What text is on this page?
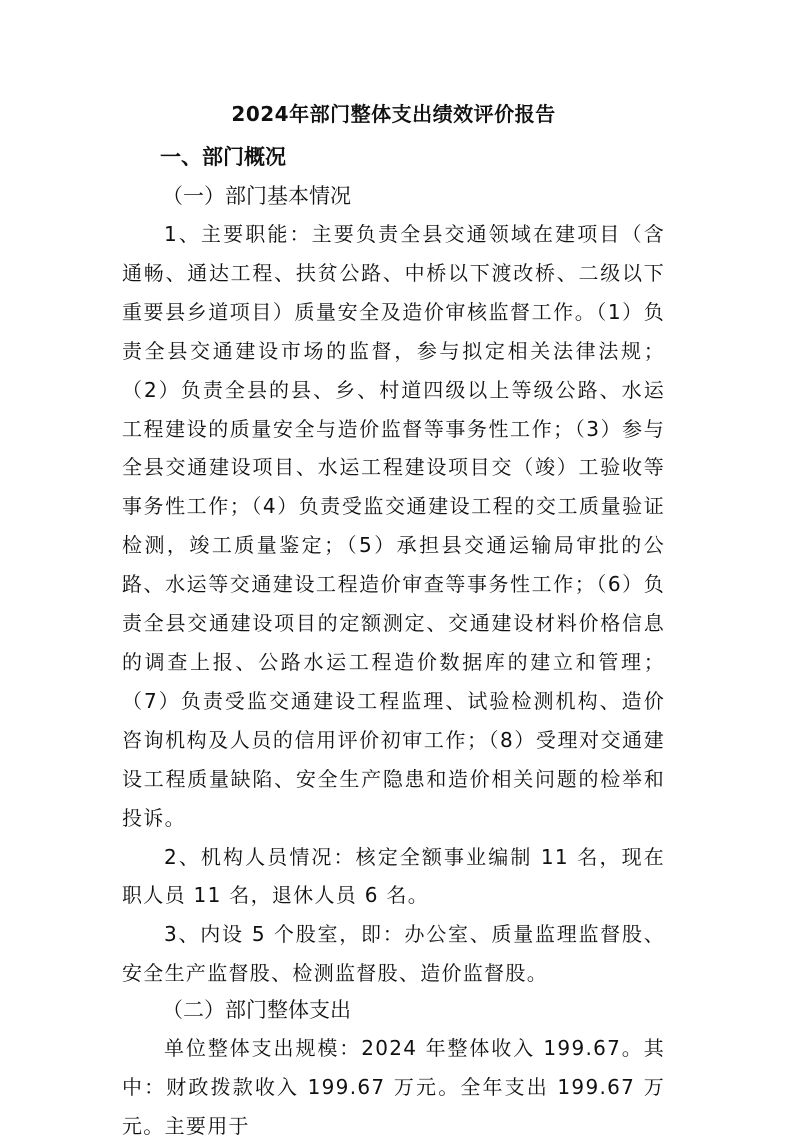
2024年部门整体支出绩效评价报告
一、部门概况
（一）部门基本情况

1、主要职能：主要负责全县交通领域在建项目（含通畅、通达工程、扶贫公路、中桥以下渡改桥、二级以下重要县乡道项目）质量安全及造价审核监督工作。（1）负责全县交通建设市场的监督，参与拟定相关法律法规；（2）负责全县的县、乡、村道四级以上等级公路、水运工程建设的质量安全与造价监督等事务性工作；（3）参与全县交通建设项目、水运工程建设项目交（竣）工验收等事务性工作；（4）负责受监交通建设工程的交工质量验证检测，竣工质量鉴定；（5）承担县交通运输局审批的公路、水运等交通建设工程造价审查等事务性工作；（6）负责全县交通建设项目的定额测定、交通建设材料价格信息的调查上报、公路水运工程造价数据库的建立和管理；（7）负责受监交通建设工程监理、试验检测机构、造价咨询机构及人员的信用评价初审工作；（8）受理对交通建设工程质量缺陷、安全生产隐患和造价相关问题的检举和投诉。

2、机构人员情况：核定全额事业编制 11 名，现在职人员 11 名，退休人员 6 名。

3、内设 5 个股室，即：办公室、质量监理监督股、安全生产监督股、检测监督股、造价监督股。

（二）部门整体支出

单位整体支出规模：2024 年整体收入 199.67。其中：财政拨款收入 199.67 万元。全年支出 199.67 万元。主要用于
